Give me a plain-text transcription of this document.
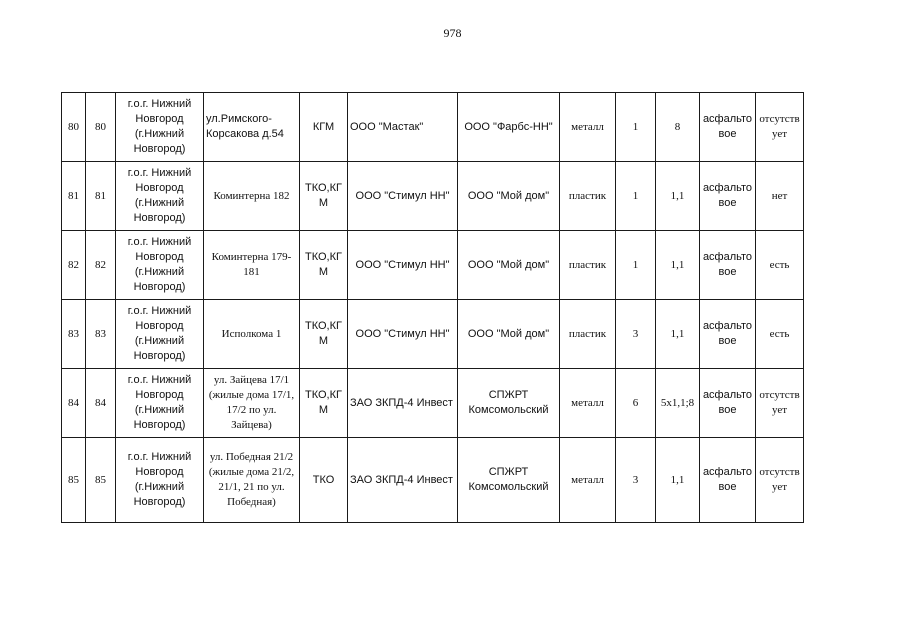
978
80	80	г.о.г. Нижний Новгород (г.Нижний Новгород)	ул.Римского-Корсакова д.54	КГМ	ООО "Мастак"	ООО "Фарбс-НН"	металл	1	8	асфальтовое	отсутствует
81	81	г.о.г. Нижний Новгород (г.Нижний Новгород)	Коминтерна 182	ТКО,КГМ	ООО "Стимул НН"	ООО "Мой дом"	пластик	1	1,1	асфальтовое	нет
82	82	г.о.г. Нижний Новгород (г.Нижний Новгород)	Коминтерна 179-181	ТКО,КГМ	ООО "Стимул НН"	ООО "Мой дом"	пластик	1	1,1	асфальтовое	есть
83	83	г.о.г. Нижний Новгород (г.Нижний Новгород)	Исполкома 1	ТКО,КГМ	ООО "Стимул НН"	ООО "Мой дом"	пластик	3	1,1	асфальтовое	есть
84	84	г.о.г. Нижний Новгород (г.Нижний Новгород)	ул. Зайцева 17/1 (жилые дома 17/1, 17/2 по ул. Зайцева)	ТКО,КГМ	ЗАО ЗКПД-4 Инвест	СПЖРТ Комсомольский	металл	6	5х1,1;8	асфальтовое	отсутствует
85	85	г.о.г. Нижний Новгород (г.Нижний Новгород)	ул. Победная 21/2 (жилые дома 21/2, 21/1, 21 по ул. Победная)	ТКО	ЗАО ЗКПД-4 Инвест	СПЖРТ Комсомольский	металл	3	1,1	асфальтовое	отсутствует
